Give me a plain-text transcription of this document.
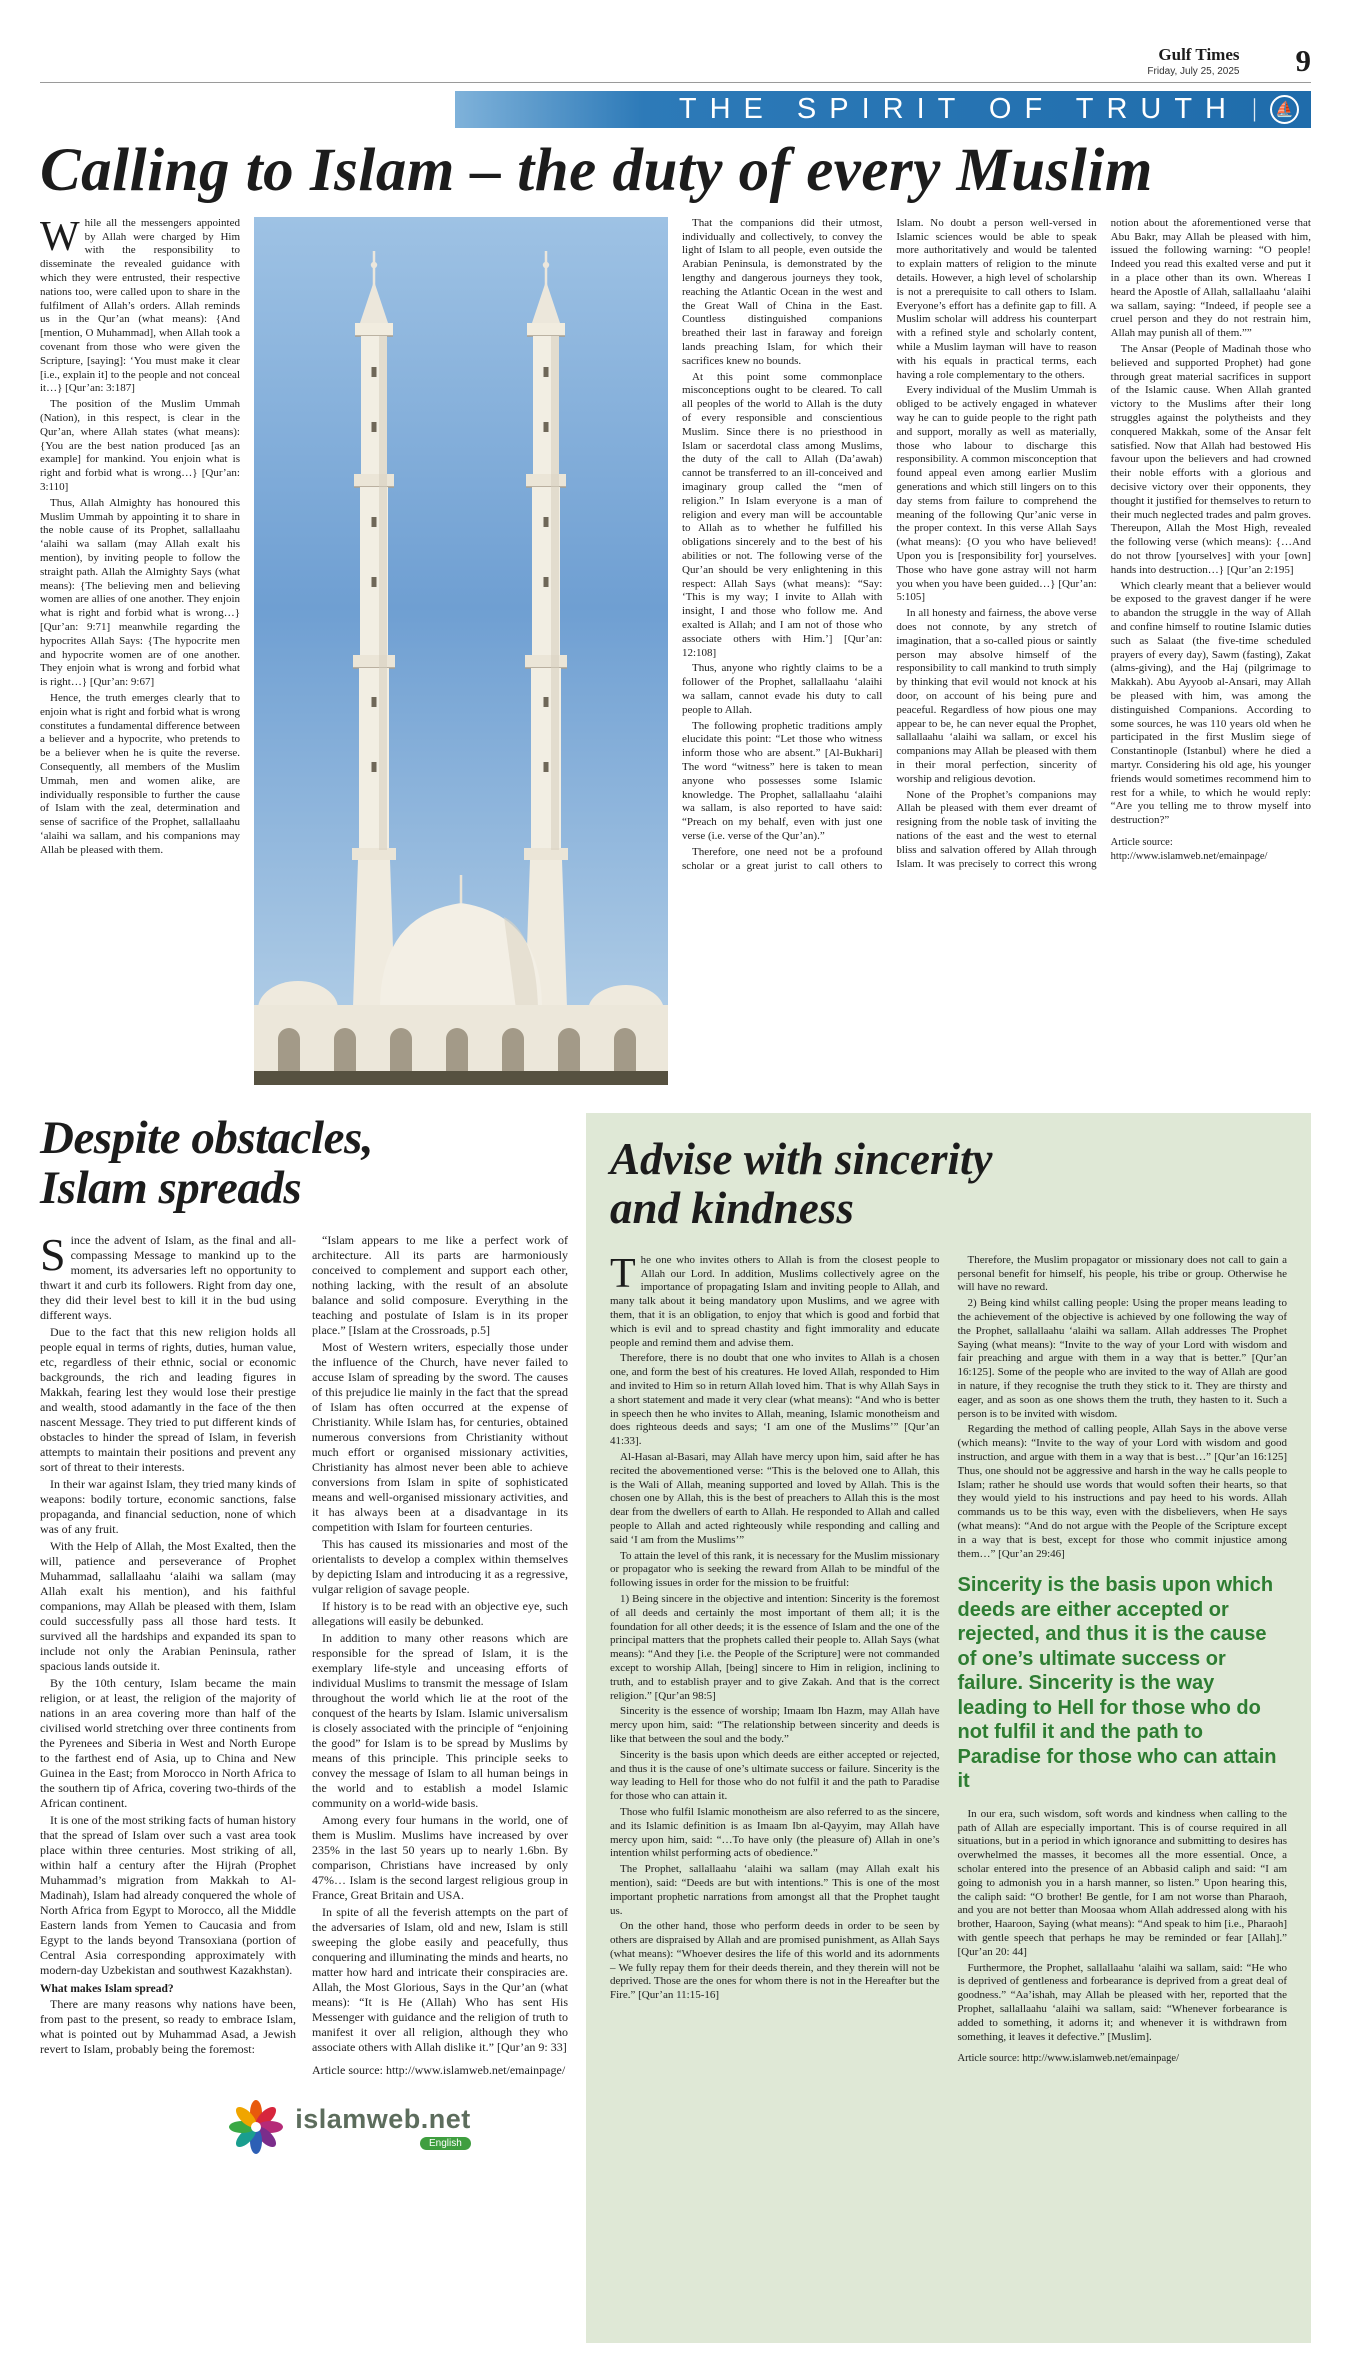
Gulf Times
Friday, July 25, 2025 9
THE SPIRIT OF TRUTH |	⛵
Calling to Islam – the duty of every Muslim

While all the messengers appointed by Allah were charged by Him with the responsibility to disseminate the revealed guidance with which they were entrusted, their respective nations too, were called upon to share in the fulfilment of Allah’s orders. Allah reminds us in the Qur’an (what means): {And [mention, O Muhammad], when Allah took a covenant from those who were given the Scripture, [saying]: ‘You must make it clear [i.e., explain it] to the people and not conceal it…} [Qur’an: 3:187]

The position of the Muslim Ummah (Nation), in this respect, is clear in the Qur’an, where Allah states (what means): {You are the best nation produced [as an example] for mankind. You enjoin what is right and forbid what is wrong…} [Qur’an: 3:110]

Thus, Allah Almighty has honoured this Muslim Ummah by appointing it to share in the noble cause of its Prophet, sallallaahu ‘alaihi wa sallam (may Allah exalt his mention), by inviting people to follow the straight path. Allah the Almighty Says (what means): {The believing men and believing women are allies of one another. They enjoin what is right and forbid what is wrong…} [Qur’an: 9:71] meanwhile regarding the hypocrites Allah Says: {The hypocrite men and hypocrite women are of one another. They enjoin what is wrong and forbid what is right…} [Qur’an: 9:67]

Hence, the truth emerges clearly that to enjoin what is right and forbid what is wrong constitutes a fundamental difference between a believer and a hypocrite, who pretends to be a believer when he is quite the reverse. Consequently, all members of the Muslim Ummah, men and women alike, are individually responsible to further the cause of Islam with the zeal, determination and sense of sacrifice of the Prophet, sallallaahu ‘alaihi wa sallam, and his companions may Allah be pleased with them.

That the companions did their utmost, individually and collectively, to convey the light of Islam to all people, even outside the Arabian Peninsula, is demonstrated by the lengthy and dangerous journeys they took, reaching the Atlantic Ocean in the west and the Great Wall of China in the East. Countless distinguished companions breathed their last in faraway and foreign lands preaching Islam, for which their sacrifices knew no bounds.

At this point some commonplace misconceptions ought to be cleared. To call all peoples of the world to Allah is the duty of every responsible and conscientious Muslim. Since there is no priesthood in Islam or sacerdotal class among Muslims, the duty of the call to Allah (Da’awah) cannot be transferred to an ill-conceived and imaginary group called the “men of religion.” In Islam everyone is a man of religion and every man will be accountable to Allah as to whether he fulfilled his obligations sincerely and to the best of his abilities or not. The following verse of the Qur’an should be very enlightening in this respect: Allah Says (what means): “Say: ‘This is my way; I invite to Allah with insight, I and those who follow me. And exalted is Allah; and I am not of those who associate others with Him.’] [Qur’an: 12:108]

Thus, anyone who rightly claims to be a follower of the Prophet, sallallaahu ‘alaihi wa sallam, cannot evade his duty to call people to Allah.

The following prophetic traditions amply elucidate this point: “Let those who witness inform those who are absent.” [Al-Bukhari] The word “witness” here is taken to mean anyone who possesses some Islamic knowledge. The Prophet, sallallaahu ‘alaihi wa sallam, is also reported to have said: “Preach on my behalf, even with just one verse (i.e. verse of the Qur’an).”

Therefore, one need not be a profound scholar or a great jurist to call others to Islam. No doubt a person well-versed in Islamic sciences would be able to speak more authoritatively and would be talented to explain matters of religion to the minute details. However, a high level of scholarship is not a prerequisite to call others to Islam. Everyone’s effort has a definite gap to fill. A Muslim scholar will address his counterpart with a refined style and scholarly content, while a Muslim layman will have to reason with his equals in practical terms, each having a role complementary to the others.

Every individual of the Muslim Ummah is obliged to be actively engaged in whatever way he can to guide people to the right path and support, morally as well as materially, those who labour to discharge this responsibility. A common misconception that found appeal even among earlier Muslim generations and which still lingers on to this day stems from failure to comprehend the meaning of the following Qur’anic verse in the proper context. In this verse Allah Says (what means): {O you who have believed! Upon you is [responsibility for] yourselves. Those who have gone astray will not harm you when you have been guided…} [Qur’an: 5:105]

In all honesty and fairness, the above verse does not connote, by any stretch of imagination, that a so-called pious or saintly person may absolve himself of the responsibility to call mankind to truth simply by thinking that evil would not knock at his door, on account of his being pure and peaceful. Regardless of how pious one may appear to be, he can never equal the Prophet, sallallaahu ‘alaihi wa sallam, or excel his companions may Allah be pleased with them in their moral perfection, sincerity of worship and religious devotion.

None of the Prophet’s companions may Allah be pleased with them ever dreamt of resigning from the noble task of inviting the nations of the east and the west to eternal bliss and salvation offered by Allah through Islam. It was precisely to correct this wrong notion about the aforementioned verse that Abu Bakr, may Allah be pleased with him, issued the following warning: “O people! Indeed you read this exalted verse and put it in a place other than its own. Whereas I heard the Apostle of Allah, sallallaahu ‘alaihi wa sallam, saying: “Indeed, if people see a cruel person and they do not restrain him, Allah may punish all of them.””

The Ansar (People of Madinah those who believed and supported Prophet) had gone through great material sacrifices in support of the Islamic cause. When Allah granted victory to the Muslims after their long struggles against the polytheists and they conquered Makkah, some of the Ansar felt satisfied. Now that Allah had bestowed His favour upon the believers and had crowned their noble efforts with a glorious and decisive victory over their opponents, they thought it justified for themselves to return to their much neglected trades and palm groves. Thereupon, Allah the Most High, revealed the following verse (which means): {…And do not throw [yourselves] with your [own] hands into destruction…} [Qur’an 2:195]

Which clearly meant that a believer would be exposed to the gravest danger if he were to abandon the struggle in the way of Allah and confine himself to routine Islamic duties such as Salaat (the five-time scheduled prayers of every day), Sawm (fasting), Zakat (alms-giving), and the Haj (pilgrimage to Makkah). Abu Ayyoob al-Ansari, may Allah be pleased with him, was among the distinguished Companions. According to some sources, he was 110 years old when he participated in the first Muslim siege of Constantinople (Istanbul) where he died a martyr. Considering his old age, his younger friends would sometimes recommend him to rest for a while, to which he would reply: “Are you telling me to throw myself into destruction?”

Article source: http://www.islamweb.net/emainpage/

Despite obstacles,
Islam spreads

Since the advent of Islam, as the final and all-compassing Message to mankind up to the moment, its adversaries left no opportunity to thwart it and curb its followers. Right from day one, they did their level best to kill it in the bud using different ways.

Due to the fact that this new religion holds all people equal in terms of rights, duties, human value, etc, regardless of their ethnic, social or economic backgrounds, the rich and leading figures in Makkah, fearing lest they would lose their prestige and wealth, stood adamantly in the face of the then nascent Message. They tried to put different kinds of obstacles to hinder the spread of Islam, in feverish attempts to maintain their positions and prevent any sort of threat to their interests.

In their war against Islam, they tried many kinds of weapons: bodily torture, economic sanctions, false propaganda, and financial seduction, none of which was of any fruit.

With the Help of Allah, the Most Exalted, then the will, patience and perseverance of Prophet Muhammad, sallallaahu ‘alaihi wa sallam (may Allah exalt his mention), and his faithful companions, may Allah be pleased with them, Islam could successfully pass all those hard tests. It survived all the hardships and expanded its span to include not only the Arabian Peninsula, rather spacious lands outside it.

By the 10th century, Islam became the main religion, or at least, the religion of the majority of nations in an area covering more than half of the civilised world stretching over three continents from the Pyrenees and Siberia in West and North Europe to the farthest end of Asia, up to China and New Guinea in the East; from Morocco in North Africa to the southern tip of Africa, covering two-thirds of the African continent.

It is one of the most striking facts of human history that the spread of Islam over such a vast area took place within three centuries. Most striking of all, within half a century after the Hijrah (Prophet Muhammad’s migration from Makkah to Al-Madinah), Islam had already conquered the whole of North Africa from Egypt to Morocco, all the Middle Eastern lands from Yemen to Caucasia and from Egypt to the lands beyond Transoxiana (portion of Central Asia corresponding approximately with modern-day Uzbekistan and southwest Kazakhstan).

What makes Islam spread?

There are many reasons why nations have been, from past to the present, so ready to embrace Islam, what is pointed out by Muhammad Asad, a Jewish revert to Islam, probably being the foremost:

“Islam appears to me like a perfect work of architecture. All its parts are harmoniously conceived to complement and support each other, nothing lacking, with the result of an absolute balance and solid composure. Everything in the teaching and postulate of Islam is in its proper place.” [Islam at the Crossroads, p.5]

Most of Western writers, especially those under the influence of the Church, have never failed to accuse Islam of spreading by the sword. The causes of this prejudice lie mainly in the fact that the spread of Islam has often occurred at the expense of Christianity. While Islam has, for centuries, obtained numerous conversions from Christianity without much effort or organised missionary activities, Christianity has almost never been able to achieve conversions from Islam in spite of sophisticated means and well-organised missionary activities, and it has always been at a disadvantage in its competition with Islam for fourteen centuries.

This has caused its missionaries and most of the orientalists to develop a complex within themselves by depicting Islam and introducing it as a regressive, vulgar religion of savage people.

If history is to be read with an objective eye, such allegations will easily be debunked.

In addition to many other reasons which are responsible for the spread of Islam, it is the exemplary life-style and unceasing efforts of individual Muslims to transmit the message of Islam throughout the world which lie at the root of the conquest of the hearts by Islam. Islamic universalism is closely associated with the principle of “enjoining the good” for Islam is to be spread by Muslims by means of this principle. This principle seeks to convey the message of Islam to all human beings in the world and to establish a model Islamic community on a world-wide basis.

Among every four humans in the world, one of them is Muslim. Muslims have increased by over 235% in the last 50 years up to nearly 1.6bn. By comparison, Christians have increased by only 47%… Islam is the second largest religious group in France, Great Britain and USA.

In spite of all the feverish attempts on the part of the adversaries of Islam, old and new, Islam is still sweeping the globe easily and peacefully, thus conquering and illuminating the minds and hearts, no matter how hard and intricate their conspiracies are. Allah, the Most Glorious, Says in the Qur’an (what means): “It is He (Allah) Who has sent His Messenger with guidance and the religion of truth to manifest it over all religion, although they who associate others with Allah dislike it.” [Qur’an 9: 33]

Article source: http://www.islamweb.net/emainpage/

islamweb.net
English
Advise with sincerity
and kindness

The one who invites others to Allah is from the closest people to Allah our Lord. In addition, Muslims collectively agree on the importance of propagating Islam and inviting people to Allah, and many talk about it being mandatory upon Muslims, and we agree with them, that it is an obligation, to enjoy that which is good and forbid that which is evil and to spread chastity and fight immorality and educate people and remind them and advise them.

Therefore, there is no doubt that one who invites to Allah is a chosen one, and form the best of his creatures. He loved Allah, responded to Him and invited to Him so in return Allah loved him. That is why Allah Says in a short statement and made it very clear (what means): “And who is better in speech then he who invites to Allah, meaning, Islamic monotheism and does righteous deeds and says; ‘I am one of the Muslims’” [Qur’an 41:33].

Al-Hasan al-Basari, may Allah have mercy upon him, said after he has recited the abovementioned verse: “This is the beloved one to Allah, this is the Wali of Allah, meaning supported and loved by Allah. This is the chosen one by Allah, this is the best of preachers to Allah this is the most dear from the dwellers of earth to Allah. He responded to Allah and called people to Allah and acted righteously while responding and calling and said ‘I am from the Muslims’”

To attain the level of this rank, it is necessary for the Muslim missionary or propagator who is seeking the reward from Allah to be mindful of the following issues in order for the mission to be fruitful:

1) Being sincere in the objective and intention: Sincerity is the foremost of all deeds and certainly the most important of them all; it is the foundation for all other deeds; it is the essence of Islam and the one of the principal matters that the prophets called their people to. Allah Says (what means): “And they [i.e. the People of the Scripture] were not commanded except to worship Allah, [being] sincere to Him in religion, inclining to truth, and to establish prayer and to give Zakah. And that is the correct religion.” [Qur’an 98:5]

Sincerity is the essence of worship; Imaam Ibn Hazm, may Allah have mercy upon him, said: “The relationship between sincerity and deeds is like that between the soul and the body.”

Sincerity is the basis upon which deeds are either accepted or rejected, and thus it is the cause of one’s ultimate success or failure. Sincerity is the way leading to Hell for those who do not fulfil it and the path to Paradise for those who can attain it.

Those who fulfil Islamic monotheism are also referred to as the sincere, and its Islamic definition is as Imaam Ibn al-Qayyim, may Allah have mercy upon him, said: “…To have only (the pleasure of) Allah in one’s intention whilst performing acts of obedience.”

The Prophet, sallallaahu ‘alaihi wa sallam (may Allah exalt his mention), said: “Deeds are but with intentions.” This is one of the most important prophetic narrations from amongst all that the Prophet taught us.

On the other hand, those who perform deeds in order to be seen by others are dispraised by Allah and are promised punishment, as Allah Says (what means): “Whoever desires the life of this world and its adornments – We fully repay them for their deeds therein, and they therein will not be deprived. Those are the ones for whom there is not in the Hereafter but the Fire.” [Qur’an 11:15-16]

Therefore, the Muslim propagator or missionary does not call to gain a personal benefit for himself, his people, his tribe or group. Otherwise he will have no reward.

2) Being kind whilst calling people: Using the proper means leading to the achievement of the objective is achieved by one following the way of the Prophet, sallallaahu ‘alaihi wa sallam. Allah addresses The Prophet Saying (what means): “Invite to the way of your Lord with wisdom and fair preaching and argue with them in a way that is better.” [Qur’an 16:125]. Some of the people who are invited to the way of Allah are good in nature, if they recognise the truth they stick to it. They are thirsty and eager, and as soon as one shows them the truth, they hasten to it. Such a person is to be invited with wisdom.

Regarding the method of calling people, Allah Says in the above verse (which means): “Invite to the way of your Lord with wisdom and good instruction, and argue with them in a way that is best…” [Qur’an 16:125] Thus, one should not be aggressive and harsh in the way he calls people to Islam; rather he should use words that would soften their hearts, so that they would yield to his instructions and pay heed to his words. Allah commands us to be this way, even with the disbelievers, when He says (what means): “And do not argue with the People of the Scripture except in a way that is best, except for those who commit injustice among them…” [Qur’an 29:46]

Sincerity is the basis upon which deeds are either accepted or rejected, and thus it is the cause of one’s ultimate success or failure. Sincerity is the way leading to Hell for those who do not fulfil it and the path to Paradise for those who can attain it

In our era, such wisdom, soft words and kindness when calling to the path of Allah are especially important. This is of course required in all situations, but in a period in which ignorance and submitting to desires has overwhelmed the masses, it becomes all the more essential. Once, a scholar entered into the presence of an Abbasid caliph and said: “I am going to admonish you in a harsh manner, so listen.” Upon hearing this, the caliph said: “O brother! Be gentle, for I am not worse than Pharaoh, and you are not better than Moosaa whom Allah addressed along with his brother, Haaroon, Saying (what means): “And speak to him [i.e., Pharaoh] with gentle speech that perhaps he may be reminded or fear [Allah].” [Qur’an 20: 44]

Furthermore, the Prophet, sallallaahu ‘alaihi wa sallam, said: “He who is deprived of gentleness and forbearance is deprived from a great deal of goodness.” “Aa’ishah, may Allah be pleased with her, reported that the Prophet, sallallaahu ‘alaihi wa sallam, said: “Whenever forbearance is added to something, it adorns it; and whenever it is withdrawn from something, it leaves it defective.” [Muslim].

Article source: http://www.islamweb.net/emainpage/
